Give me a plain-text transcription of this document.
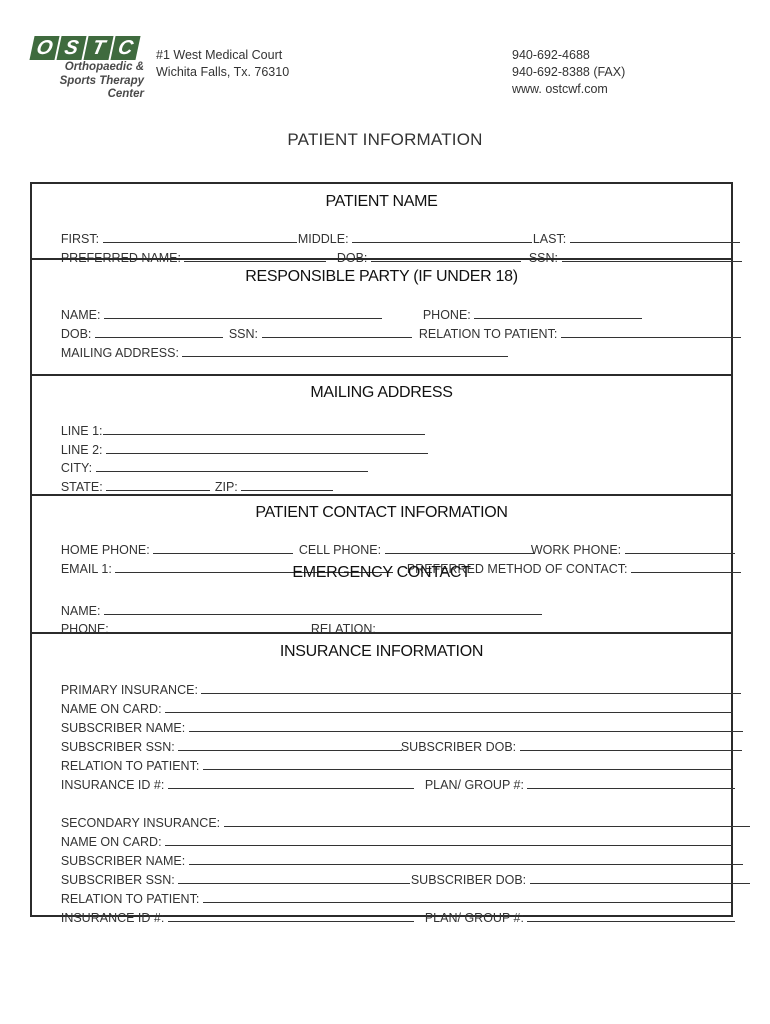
O S T C
Orthopaedic &
Sports Therapy
Center
#1 West Medical Court
Wichita Falls, Tx. 76310
940-692-4688
940-692-8388 (FAX)
www. ostcwf.com
PATIENT INFORMATION
PATIENT NAME

FIRST:
	MIDDLE:
	LAST:

PREFERRED NAME:
	DOB:
	SSN:

RESPONSIBLE PARTY (IF UNDER 18)

NAME:
	PHONE:

DOB:
	SSN:
	RELATION TO PATIENT:

MAILING ADDRESS:

MAILING ADDRESS

LINE 1:

LINE 2:

CITY:

STATE:
	ZIP:

PATIENT CONTACT INFORMATION

HOME PHONE:
	CELL PHONE:
	WORK PHONE:

EMAIL 1:
	PREFERRED METHOD OF CONTACT:

EMERGENCY CONTACT

NAME:

PHONE:
	RELATION:

INSURANCE INFORMATION

PRIMARY INSURANCE:

NAME ON CARD:

SUBSCRIBER NAME:

SUBSCRIBER SSN:
	SUBSCRIBER DOB:

RELATION TO PATIENT:

INSURANCE ID #:
	PLAN/ GROUP #:

SECONDARY INSURANCE:

NAME ON CARD:

SUBSCRIBER NAME:

SUBSCRIBER SSN:
	SUBSCRIBER DOB:

RELATION TO PATIENT:

INSURANCE ID #:
	PLAN/ GROUP #:
